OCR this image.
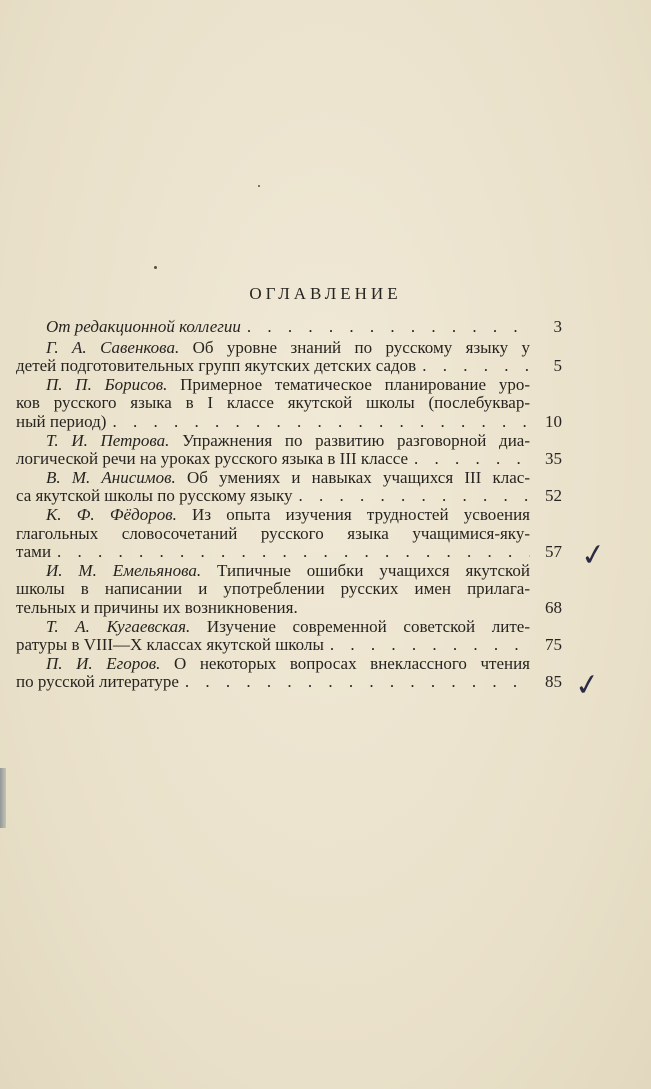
ОГЛАВЛЕНИЕ
От редакционной коллегии . . .	3
Г. А. Савенкова. Об уровне знаний по русскому языку у
детей подготовительных групп якутских детских садов . . .	5
П. П. Борисов. Примерное тематическое планирование уро-
ков русского языка в I классе якутской школы (послебуквар-
ный период) . . .	10
Т. И. Петрова. Упражнения по развитию разговорной диа-
логической речи на уроках русского языка в III классе . . .	35
В. М. Анисимов. Об умениях и навыках учащихся III клас-
са якутской школы по русскому языку . . .	52
К. Ф. Фёдоров. Из опыта изучения трудностей усвоения
глагольных словосочетаний русского языка учащимися-яку-
тами . . .	57 ✓
И. М. Емельянова. Типичные ошибки учащихся якутской
школы в написании и употреблении русских имен прилага-
тельных и причины их возникновения.	68
Т. А. Кугаевская. Изучение современной советской лите-
ратуры в VIII—X классах якутской школы . . .	75
П. И. Егоров. О некоторых вопросах внеклассного чтения
по русской литературе . . .	85 ✓
